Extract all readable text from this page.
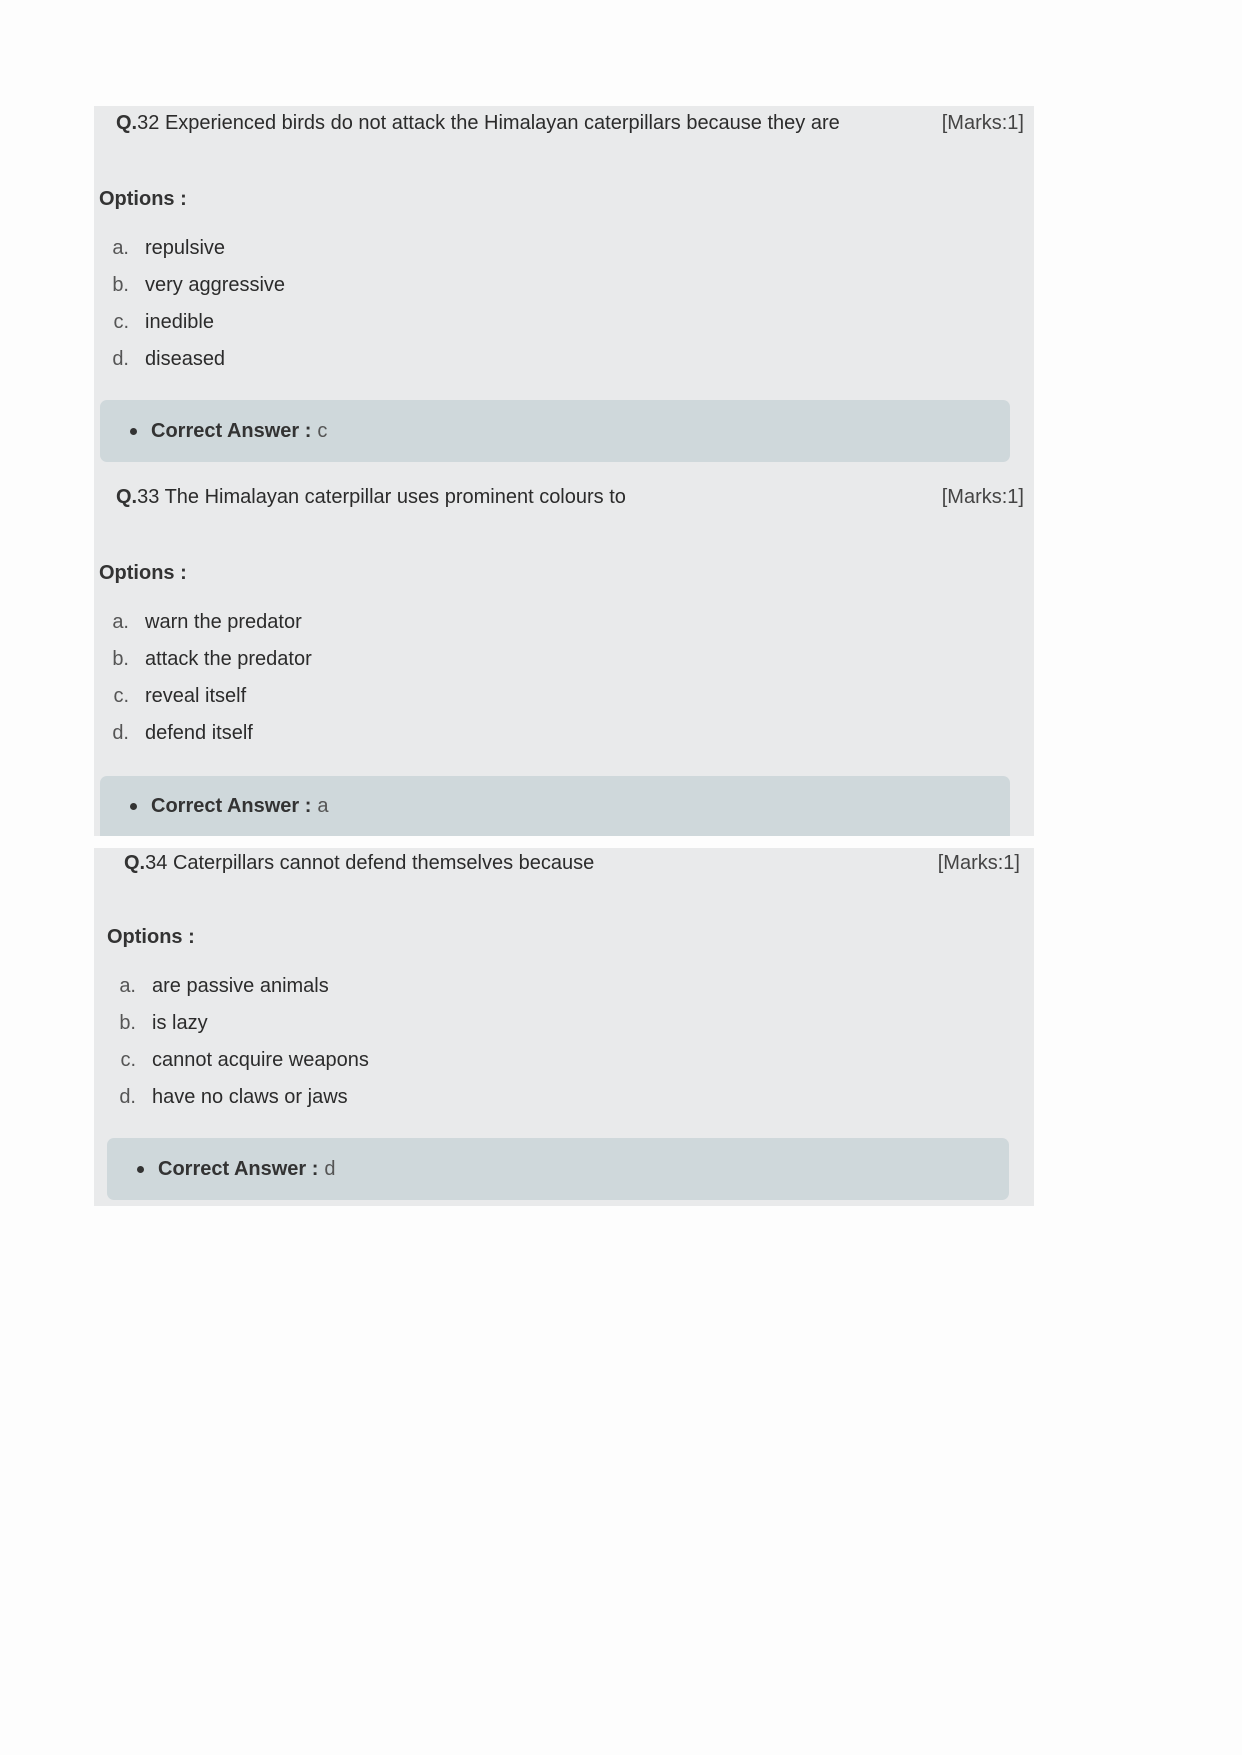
Q.32 Experienced birds do not attack the Himalayan caterpillars because they are	[Marks:1]
Options :
a. repulsive
b. very aggressive
c. inedible
d. diseased
Correct Answer : c
Q.33 The Himalayan caterpillar uses prominent colours to	[Marks:1]
Options :
a. warn the predator
b. attack the predator
c. reveal itself
d. defend itself
Correct Answer : a
Q.34 Caterpillars cannot defend themselves because	[Marks:1]
Options :
a. are passive animals
b. is lazy
c. cannot acquire weapons
d. have no claws or jaws
Correct Answer : d
